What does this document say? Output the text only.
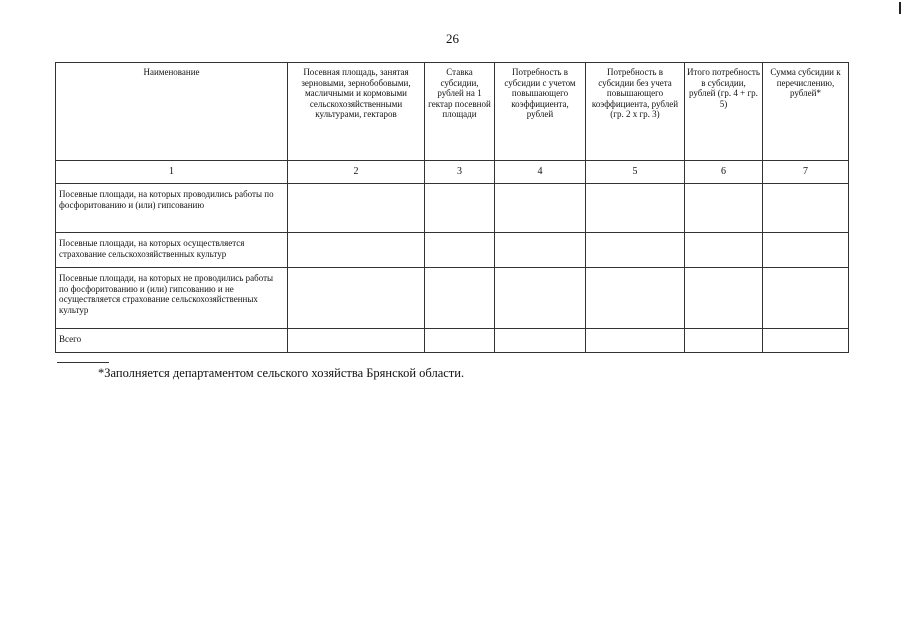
26
Наименование	Посевная площадь, занятая зерновыми, зернобобовыми, масличными и кормовыми сельскохозяйственными культурами, гектаров	Ставка субсидии, рублей на 1 гектар посевной площади	Потребность в субсидии с учетом повышающего коэффициента, рублей	Потребность в субсидии без учета повышающего коэффициента, рублей (гр. 2 х гр. 3)	Итого потребность в субсидии, рублей (гр. 4 + гр. 5)	Сумма субсидии к перечислению, рублей*
1	2	3	4	5	6	7
Посевные площади, на которых проводились работы по фосфоритованию и (или) гипсованию						
Посевные площади, на которых осуществляется страхование сельскохозяйственных культур						
Посевные площади, на которых не проводились работы по фосфоритованию и (или) гипсованию и не осуществляется страхование сельскохозяйственных культур						
Всего						
*Заполняется департаментом сельского хозяйства Брянской области.
